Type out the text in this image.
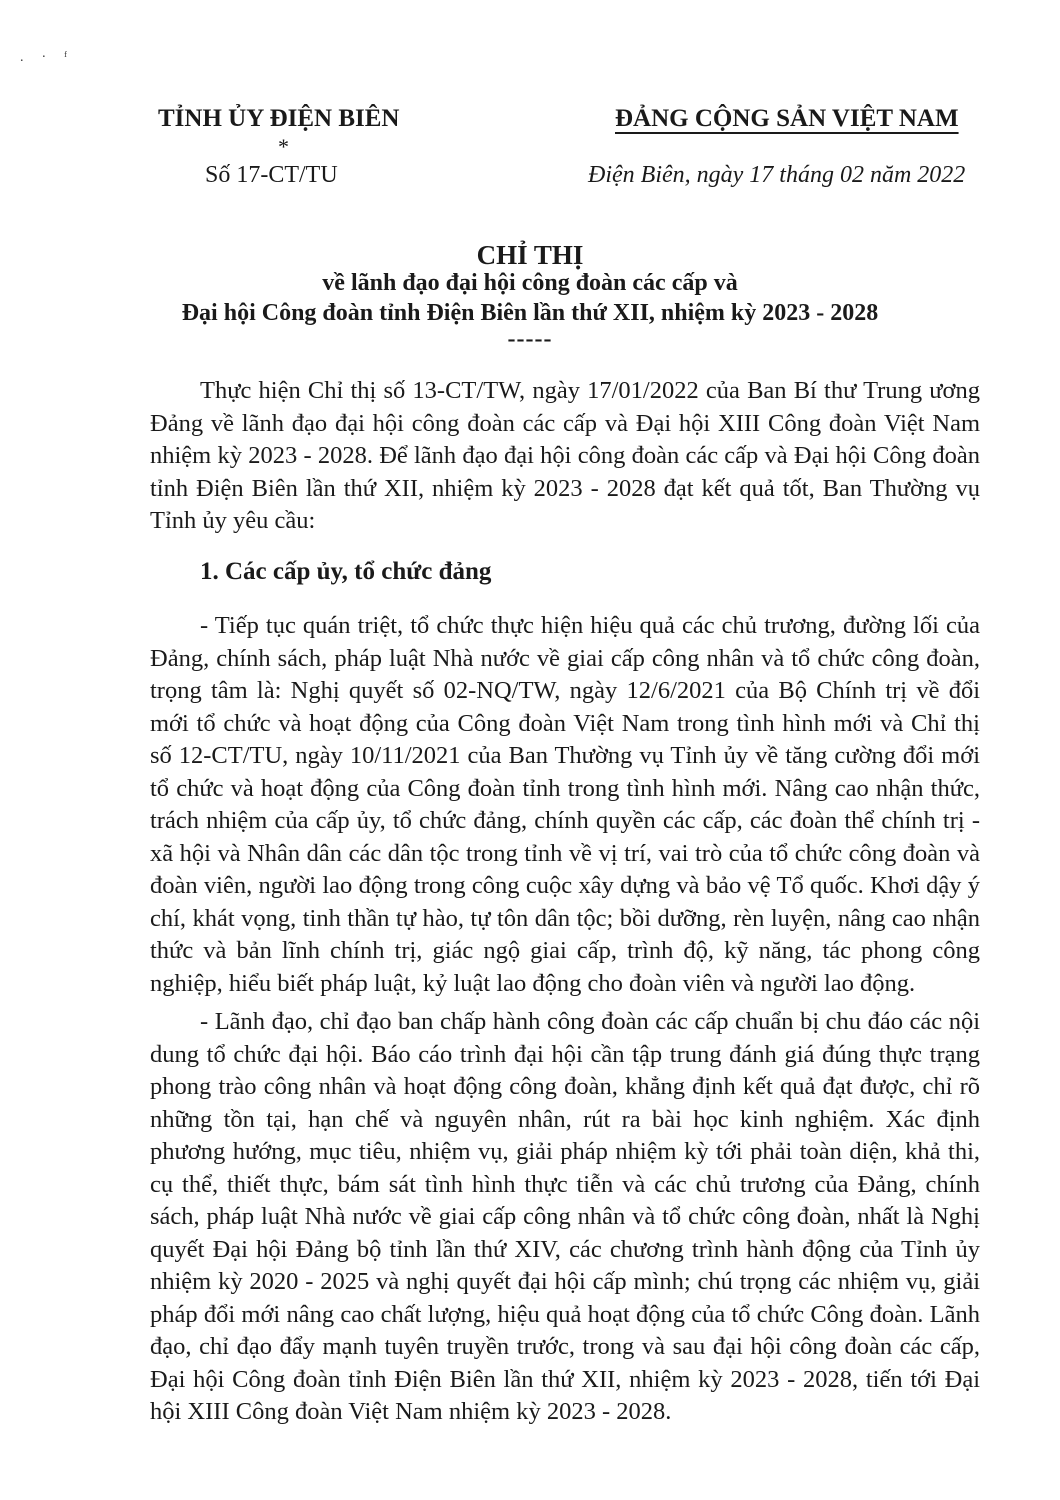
.·ᶠ
TỈNH ỦY ĐIỆN BIÊN
*
Số 17-CT/TU
ĐẢNG CỘNG SẢN VIỆT NAM
Điện Biên, ngày 17 tháng 02 năm 2022
CHỈ THỊ
về lãnh đạo đại hội công đoàn các cấp và
Đại hội Công đoàn tỉnh Điện Biên lần thứ XII, nhiệm kỳ 2023 - 2028
-----

Thực hiện Chỉ thị số 13-CT/TW, ngày 17/01/2022 của Ban Bí thư Trung ương Đảng về lãnh đạo đại hội công đoàn các cấp và Đại hội XIII Công đoàn Việt Nam nhiệm kỳ 2023 - 2028. Để lãnh đạo đại hội công đoàn các cấp và Đại hội Công đoàn tỉnh Điện Biên lần thứ XII, nhiệm kỳ 2023 - 2028 đạt kết quả tốt, Ban Thường vụ Tỉnh ủy yêu cầu:

1. Các cấp ủy, tổ chức đảng

- Tiếp tục quán triệt, tổ chức thực hiện hiệu quả các chủ trương, đường lối của Đảng, chính sách, pháp luật Nhà nước về giai cấp công nhân và tổ chức công đoàn, trọng tâm là: Nghị quyết số 02-NQ/TW, ngày 12/6/2021 của Bộ Chính trị về đổi mới tổ chức và hoạt động của Công đoàn Việt Nam trong tình hình mới và Chỉ thị số 12-CT/TU, ngày 10/11/2021 của Ban Thường vụ Tỉnh ủy về tăng cường đổi mới tổ chức và hoạt động của Công đoàn tỉnh trong tình hình mới. Nâng cao nhận thức, trách nhiệm của cấp ủy, tổ chức đảng, chính quyền các cấp, các đoàn thể chính trị - xã hội và Nhân dân các dân tộc trong tỉnh về vị trí, vai trò của tổ chức công đoàn và đoàn viên, người lao động trong công cuộc xây dựng và bảo vệ Tổ quốc. Khơi dậy ý chí, khát vọng, tinh thần tự hào, tự tôn dân tộc; bồi dưỡng, rèn luyện, nâng cao nhận thức và bản lĩnh chính trị, giác ngộ giai cấp, trình độ, kỹ năng, tác phong công nghiệp, hiểu biết pháp luật, kỷ luật lao động cho đoàn viên và người lao động.

- Lãnh đạo, chỉ đạo ban chấp hành công đoàn các cấp chuẩn bị chu đáo các nội dung tổ chức đại hội. Báo cáo trình đại hội cần tập trung đánh giá đúng thực trạng phong trào công nhân và hoạt động công đoàn, khẳng định kết quả đạt được, chỉ rõ những tồn tại, hạn chế và nguyên nhân, rút ra bài học kinh nghiệm. Xác định phương hướng, mục tiêu, nhiệm vụ, giải pháp nhiệm kỳ tới phải toàn diện, khả thi, cụ thể, thiết thực, bám sát tình hình thực tiễn và các chủ trương của Đảng, chính sách, pháp luật Nhà nước về giai cấp công nhân và tổ chức công đoàn, nhất là Nghị quyết Đại hội Đảng bộ tỉnh lần thứ XIV, các chương trình hành động của Tỉnh ủy nhiệm kỳ 2020 - 2025 và nghị quyết đại hội cấp mình; chú trọng các nhiệm vụ, giải pháp đổi mới nâng cao chất lượng, hiệu quả hoạt động của tổ chức Công đoàn. Lãnh đạo, chỉ đạo đẩy mạnh tuyên truyền trước, trong và sau đại hội công đoàn các cấp, Đại hội Công đoàn tỉnh Điện Biên lần thứ XII, nhiệm kỳ 2023 - 2028, tiến tới Đại hội XIII Công đoàn Việt Nam nhiệm kỳ 2023 - 2028.
